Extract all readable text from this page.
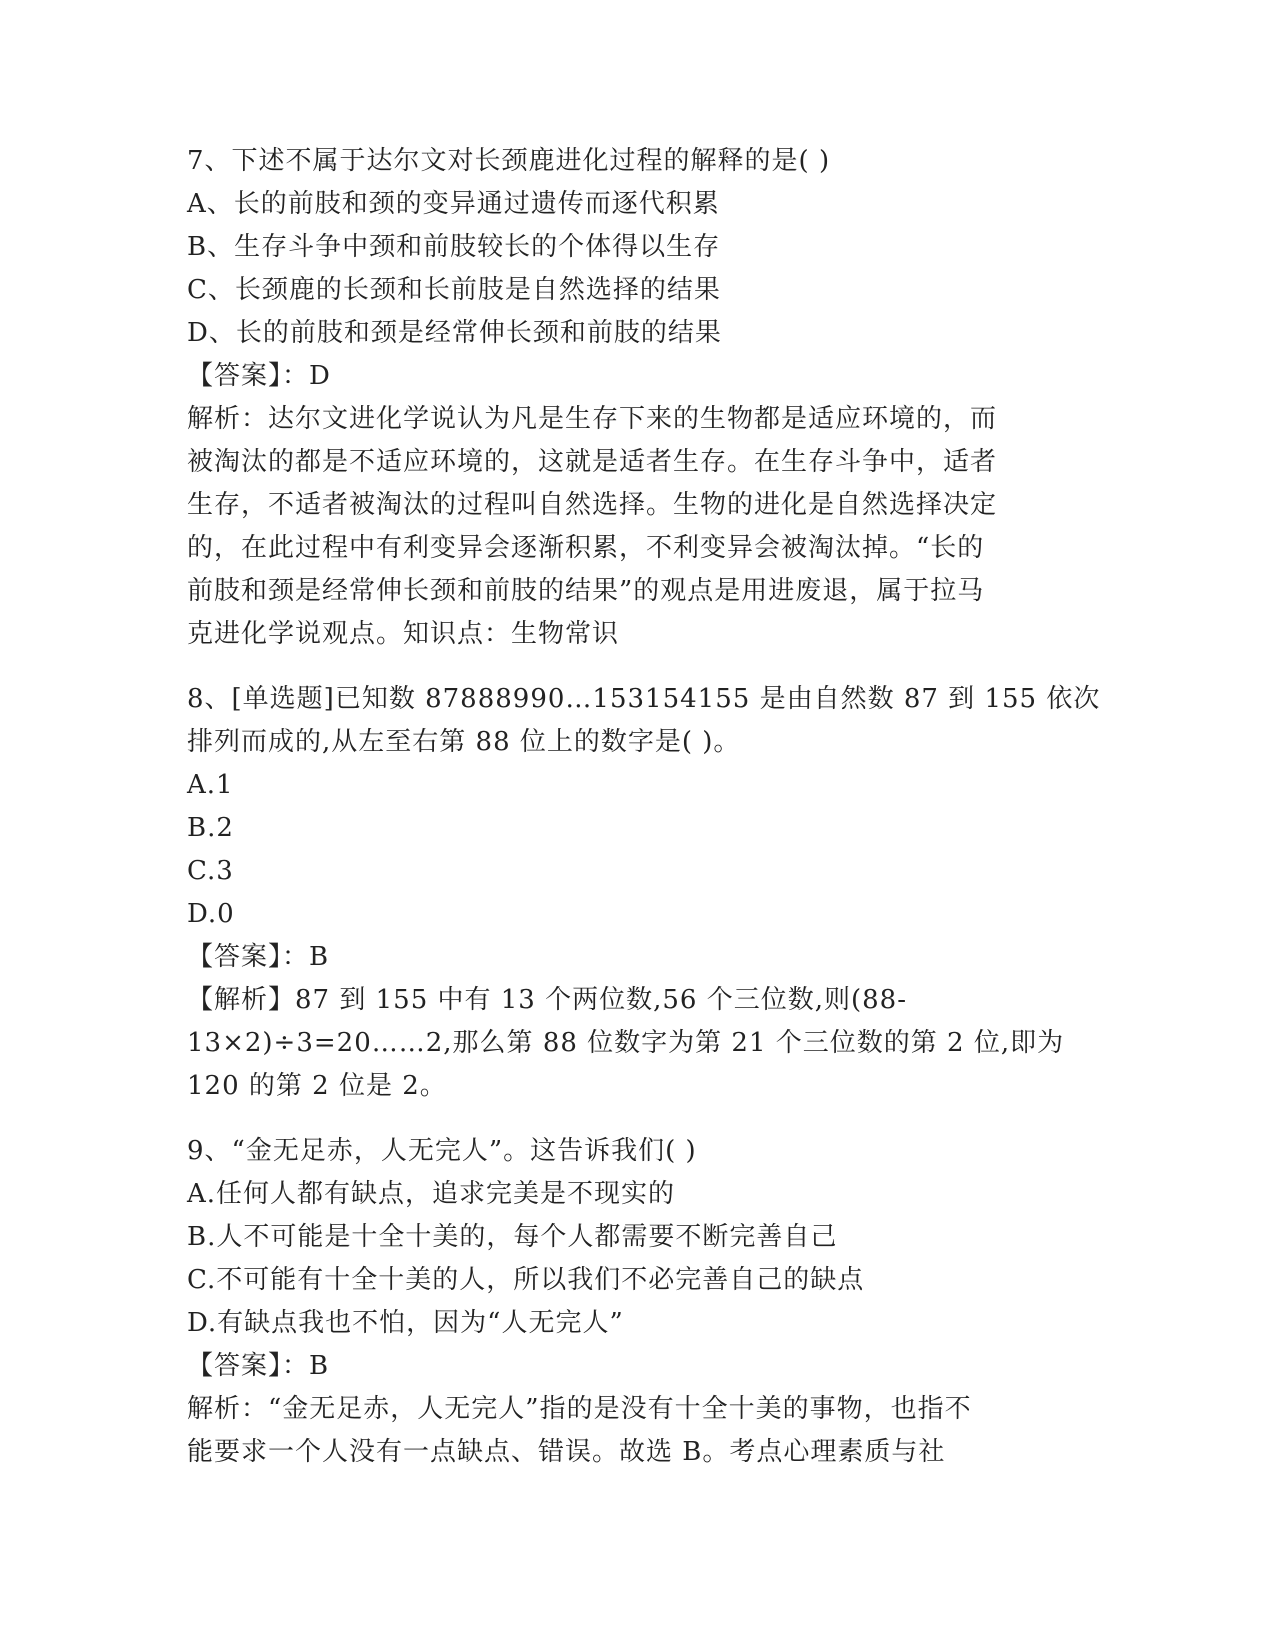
7、下述不属于达尔文对长颈鹿进化过程的解释的是( )
A、长的前肢和颈的变异通过遗传而逐代积累
B、生存斗争中颈和前肢较长的个体得以生存
C、长颈鹿的长颈和长前肢是自然选择的结果
D、长的前肢和颈是经常伸长颈和前肢的结果
【答案】：D
解析：达尔文进化学说认为凡是生存下来的生物都是适应环境的，而
被淘汰的都是不适应环境的，这就是适者生存。在生存斗争中，适者
生存，不适者被淘汰的过程叫自然选择。生物的进化是自然选择决定
的，在此过程中有利变异会逐渐积累，不利变异会被淘汰掉。“长的
前肢和颈是经常伸长颈和前肢的结果”的观点是用进废退，属于拉马
克进化学说观点。知识点：生物常识
8、[单选题]已知数 87888990…153154155 是由自然数 87 到 155 依次
排列而成的,从左至右第 88 位上的数字是( )。
A.1
B.2
C.3
D.0
【答案】：B
【解析】87 到 155 中有 13 个两位数,56 个三位数,则(88-
13×2)÷3=20……2,那么第 88 位数字为第 21 个三位数的第 2 位,即为
120 的第 2 位是 2。
9、“金无足赤，人无完人”。这告诉我们( )
A.任何人都有缺点，追求完美是不现实的
B.人不可能是十全十美的，每个人都需要不断完善自己
C.不可能有十全十美的人，所以我们不必完善自己的缺点
D.有缺点我也不怕，因为“人无完人”
【答案】：B
解析：“金无足赤，人无完人”指的是没有十全十美的事物，也指不
能要求一个人没有一点缺点、错误。故选 B。考点心理素质与社
